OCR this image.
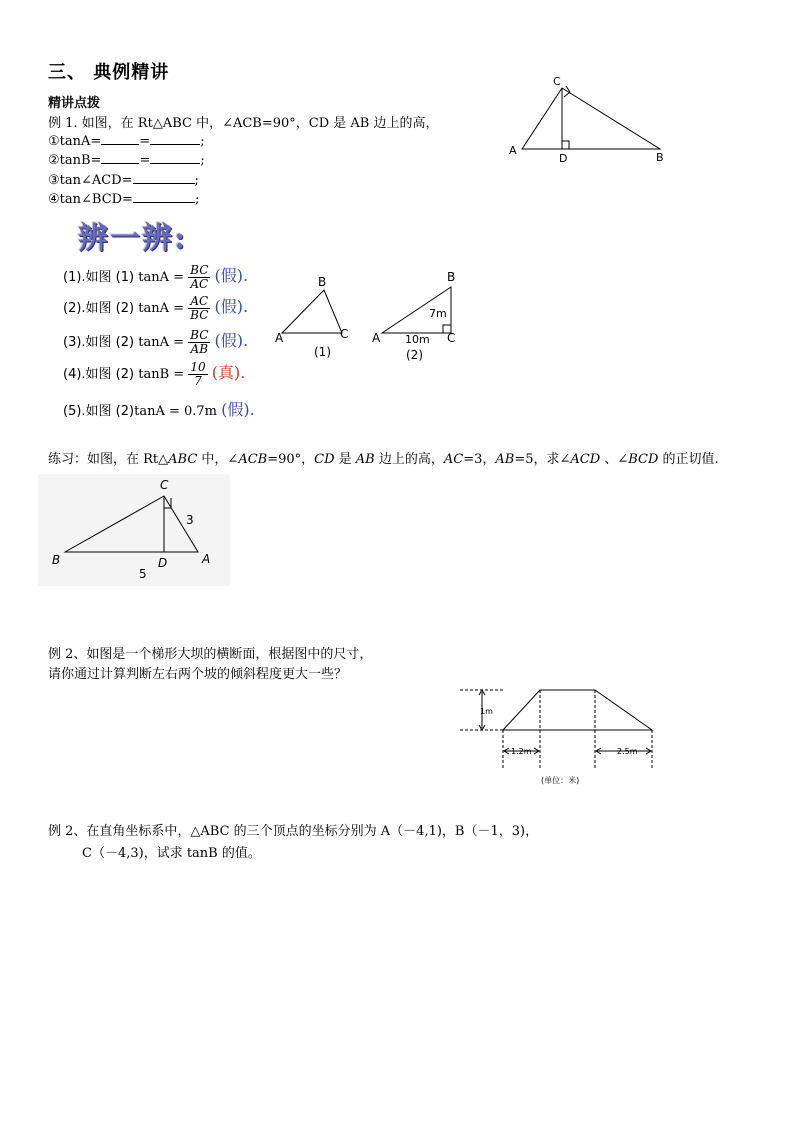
三、 典例精讲
精讲点拨
例 1. 如图，在 Rt△ABC 中，∠ACB=90°，CD 是 AB 边上的高，
①tanA=	=	;
②tanB=	=	;
③tan∠ACD=	;
④tan∠BCD=	;
C
A
D	B
辨一辨:
(1).如图 (1) $\tan A = \frac{BC}{AC}$ (假).
(2).如图 (2) $\tan A = \frac{AC}{BC}$ (假).
(3).如图 (2) $\tan A = \frac{BC}{AB}$ (假).
(4).如图 (2) $\tan B = \frac{10}{7}$ (真).
(5).如图 (2)tanA = 0.7m (假).
B
A	C
(1)
B
A	C
7m
10m
(2)
练习：如图，在 Rt△ABC 中，∠ACB=90°，CD 是 AB 边上的高，AC=3，AB=5，求∠ACD 、∠BCD 的正切值.
C
B	D	A
3
5
例 2、如图是一个梯形大坝的横断面，根据图中的尺寸，
请你通过计算判断左右两个坡的倾斜程度更大一些？
1m
1.2m	2.5m
(单位：米)
例 2、在直角坐标系中，△ABC 的三个顶点的坐标分别为 A（－4,1)，B（－1，3)，
C（－4,3)，试求 tanB 的值。
